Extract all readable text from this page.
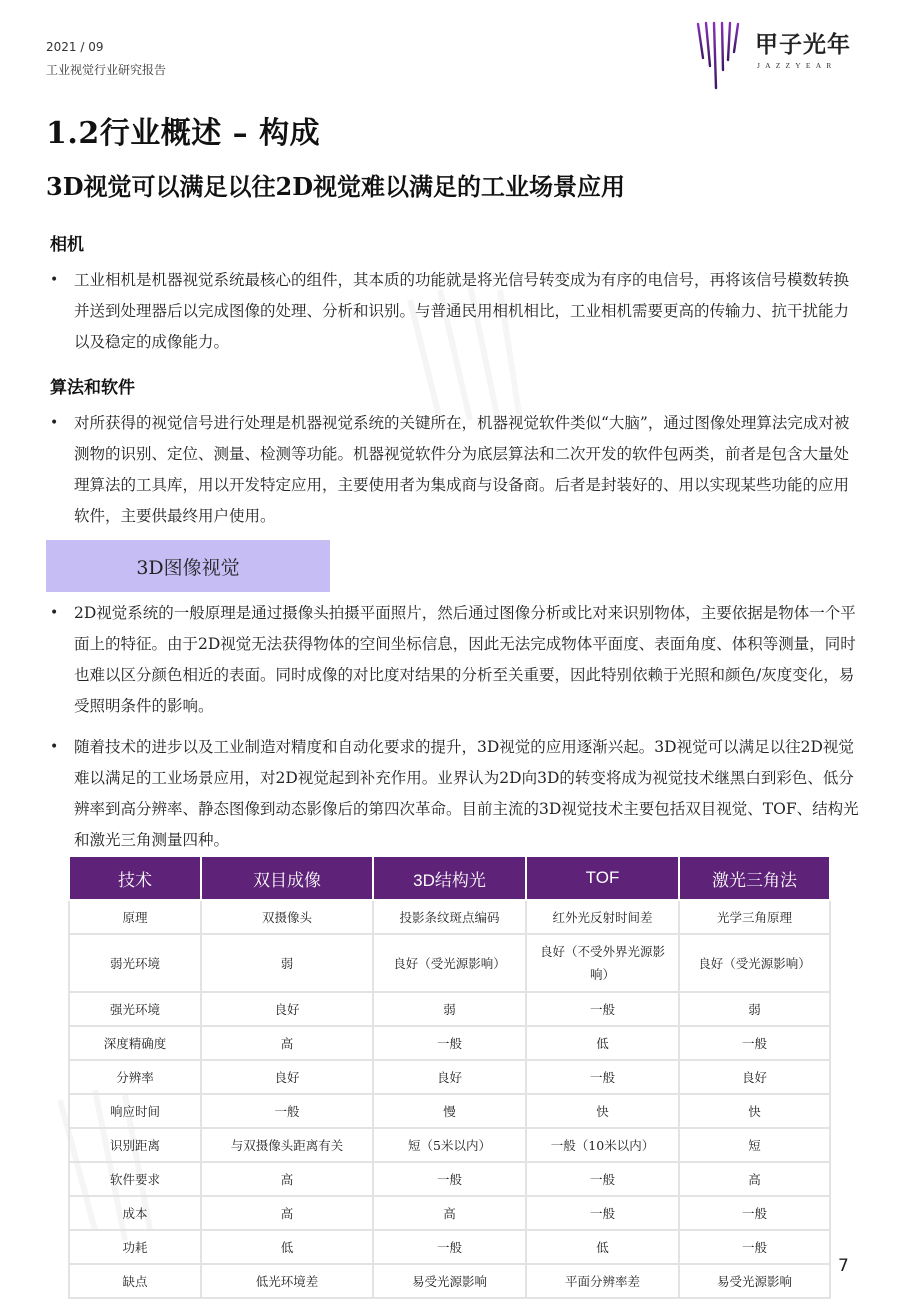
2021 / 09
工业视觉行业研究报告
甲子光年
JAZZYEAR
1.2行业概述 – 构成
3D视觉可以满足以往2D视觉难以满足的工业场景应用
相机
• 工业相机是机器视觉系统最核心的组件，其本质的功能就是将光信号转变成为有序的电信号，再将该信号模数转换并送到处理器后以完成图像的处理、分析和识别。与普通民用相机相比，工业相机需要更高的传输力、抗干扰能力以及稳定的成像能力。
算法和软件
• 对所获得的视觉信号进行处理是机器视觉系统的关键所在，机器视觉软件类似“大脑”，通过图像处理算法完成对被测物的识别、定位、测量、检测等功能。机器视觉软件分为底层算法和二次开发的软件包两类，前者是包含大量处理算法的工具库，用以开发特定应用，主要使用者为集成商与设备商。后者是封装好的、用以实现某些功能的应用软件，主要供最终用户使用。
3D图像视觉
• 2D视觉系统的一般原理是通过摄像头拍摄平面照片，然后通过图像分析或比对来识别物体，主要依据是物体一个平面上的特征。由于2D视觉无法获得物体的空间坐标信息，因此无法完成物体平面度、表面角度、体积等测量，同时也难以区分颜色相近的表面。同时成像的对比度对结果的分析至关重要，因此特别依赖于光照和颜色/灰度变化，易受照明条件的影响。
• 随着技术的进步以及工业制造对精度和自动化要求的提升，3D视觉的应用逐渐兴起。3D视觉可以满足以往2D视觉难以满足的工业场景应用，对2D视觉起到补充作用。业界认为2D向3D的转变将成为视觉技术继黑白到彩色、低分辨率到高分辨率、静态图像到动态影像后的第四次革命。目前主流的3D视觉技术主要包括双目视觉、TOF、结构光和激光三角测量四种。
技术	双目成像	3D结构光	TOF	激光三角法
原理	双摄像头	投影条纹斑点编码	红外光反射时间差	光学三角原理
弱光环境	弱	良好（受光源影响）	良好（不受外界光源影响）	良好（受光源影响）
强光环境	良好	弱	一般	弱
深度精确度	高	一般	低	一般
分辨率	良好	良好	一般	良好
响应时间	一般	慢	快	快
识别距离	与双摄像头距离有关	短（5米以内）	一般（10米以内）	短
软件要求	高	一般	一般	高
成本	高	高	一般	一般
功耗	低	一般	低	一般
缺点	低光环境差	易受光源影响	平面分辨率差	易受光源影响
7
